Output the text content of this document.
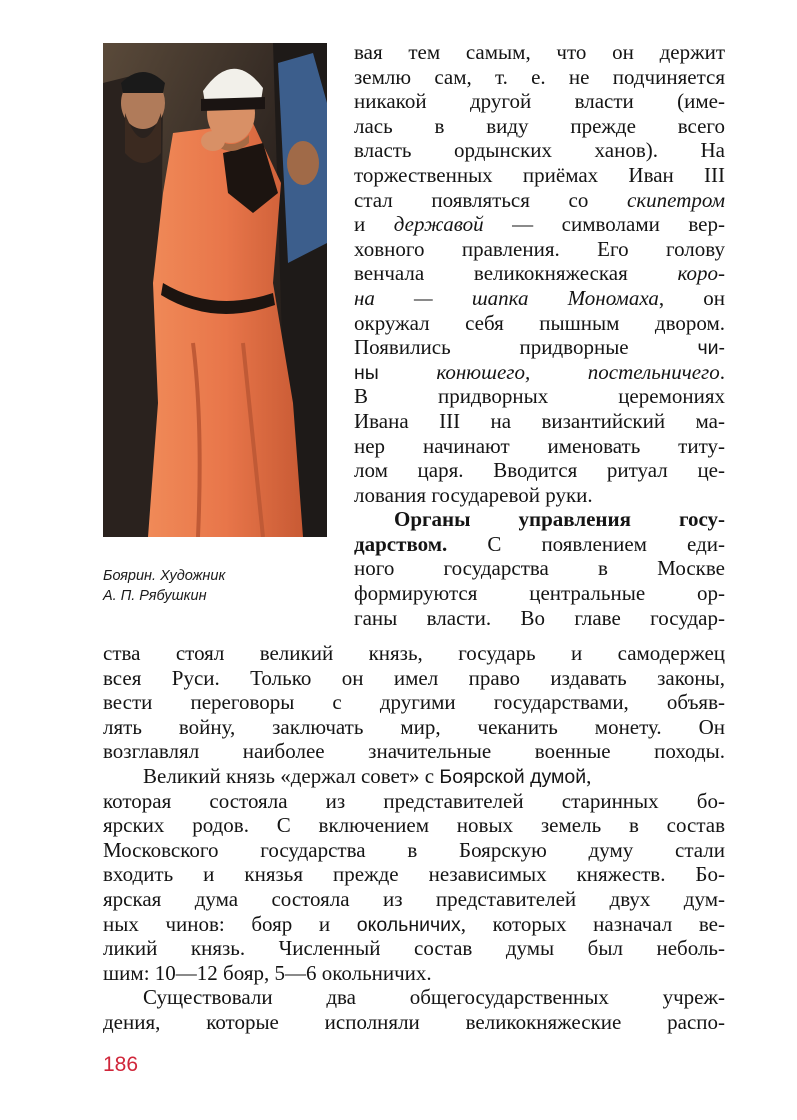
Боярин. Художник
А. П. Рябушкин
вая тем самым, что он держит
землю сам, т. е. не подчиняется
никакой другой власти (име-
лась в виду прежде всего
власть ордынских ханов). На
торжественных приёмах Иван III
стал появляться со скипетром
и державой — символами вер-
ховного правления. Его голову
венчала великокняжеская коро-
на — шапка Мономаха, он
окружал себя пышным двором.
Появились придворные чи-
ны конюшего, постельничего.
В придворных церемониях
Ивана III на византийский ма-
нер начинают именовать титу-
лом царя. Вводится ритуал це-
лования государевой руки.
Органы управления госу-
дарством. С появлением еди-
ного государства в Москве
формируются центральные ор-
ганы власти. Во главе государ-
ства стоял великий князь, государь и самодержец
всея Руси. Только он имел право издавать законы,
вести переговоры с другими государствами, объяв-
лять войну, заключать мир, чеканить монету. Он
возглавлял наиболее значительные военные походы.
Великий князь «держал совет» с Боярской думой,
которая состояла из представителей старинных бо-
ярских родов. С включением новых земель в состав
Московского государства в Боярскую думу стали
входить и князья прежде независимых княжеств. Бо-
ярская дума состояла из представителей двух дум-
ных чинов: бояр и окольничих, которых назначал ве-
ликий князь. Численный состав думы был неболь-
шим: 10—12 бояр, 5—6 окольничих.
Существовали два общегосударственных учреж-
дения, которые исполняли великокняжеские распо-
186
